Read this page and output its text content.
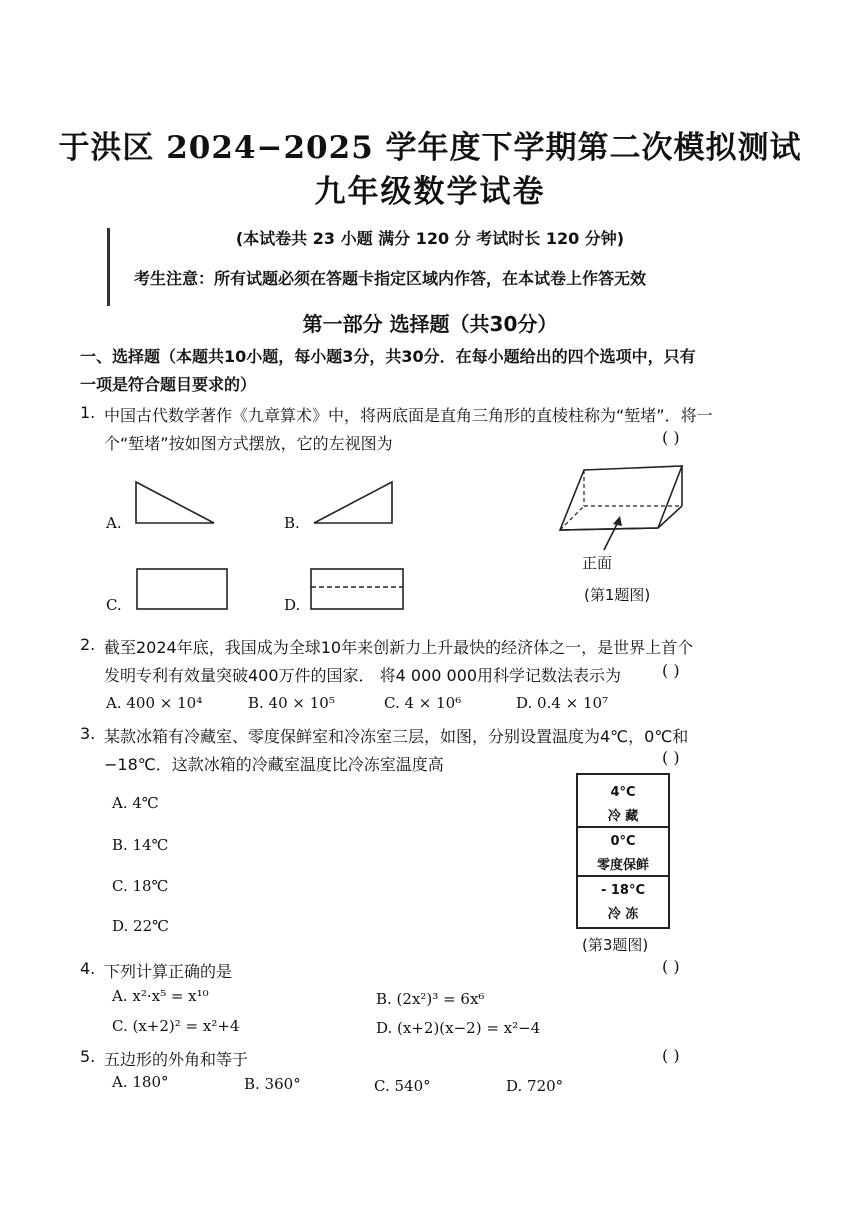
于洪区 2024−2025 学年度下学期第二次模拟测试
九年级数学试卷
(本试卷共 23 小题 满分 120 分 考试时长 120 分钟)
考生注意：所有试题必须在答题卡指定区域内作答，在本试卷上作答无效
第一部分 选择题（共30分）
一、选择题（本题共10小题，每小题3分，共30分．在每小题给出的四个选项中，只有
一项是符合题目要求的）
1. 中国古代数学著作《九章算术》中，将两底面是直角三角形的直棱柱称为“堑堵”．将一
个“堑堵”按如图方式摆放，它的左视图为	( )
A.	B.
C.	D.
正面
(第1题图)
2. 截至2024年底，我国成为全球10年来创新力上升最快的经济体之一，是世界上首个
发明专利有效量突破400万件的国家． 将4 000 000用科学记数法表示为	( )
A. 400 × 10⁴	B. 40 × 10⁵	C. 4 × 10⁶	D. 0.4 × 10⁷
3. 某款冰箱有冷藏室、零度保鲜室和冷冻室三层，如图，分别设置温度为4℃，0℃和
−18℃．这款冰箱的冷藏室温度比冷冻室温度高	( )
A. 4℃
B. 14℃
C. 18℃
D. 22℃
4°C
冷 藏
0°C
零度保鲜
- 18°C
冷 冻
(第3题图)
4. 下列计算正确的是	( )
A. x²·x⁵ = x¹⁰	B. (2x²)³ = 6x⁶
C. (x+2)² = x²+4	D. (x+2)(x−2) = x²−4
5. 五边形的外角和等于	( )
A. 180°	B. 360°	C. 540°	D. 720°
